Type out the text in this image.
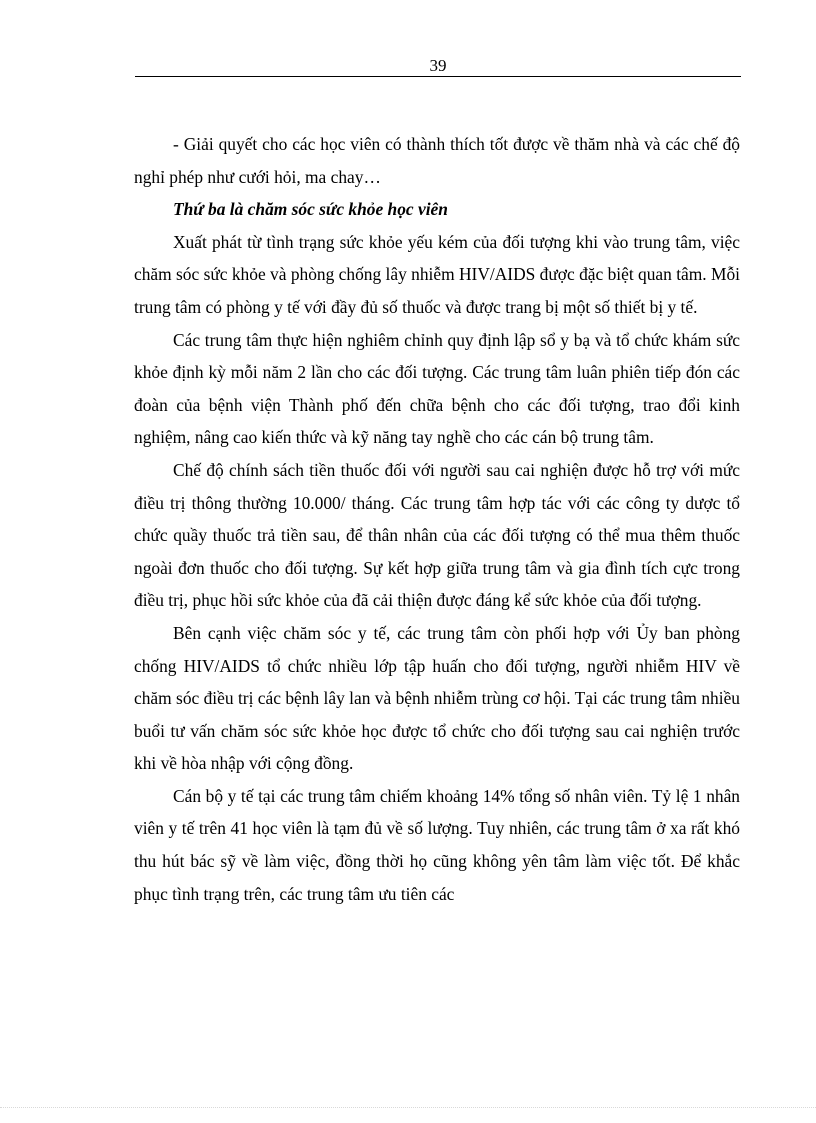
39

- Giải quyết cho các học viên có thành thích tốt được về thăm nhà và các chế độ nghỉ phép như cưới hỏi, ma chay…

Thứ ba là chăm sóc sức khỏe học viên

Xuất phát từ tình trạng sức khỏe yếu kém của đối tượng khi vào trung tâm, việc chăm sóc sức khỏe và phòng chống lây nhiễm HIV/AIDS được đặc biệt quan tâm. Mỗi trung tâm có phòng y tế với đầy đủ số thuốc và được trang bị một số thiết bị y tế.

Các trung tâm thực hiện nghiêm chỉnh quy định lập sổ y bạ và tổ chức khám sức khỏe định kỳ mỗi năm 2 lần cho các đối tượng. Các trung tâm luân phiên tiếp đón các đoàn của bệnh viện Thành phố đến chữa bệnh cho các đối tượng, trao đổi kinh nghiệm, nâng cao kiến thức và kỹ năng tay nghề cho các cán bộ trung tâm.

Chế độ chính sách tiền thuốc đối với người sau cai nghiện được hỗ trợ với mức điều trị thông thường 10.000/ tháng. Các trung tâm hợp tác với các công ty dược tổ chức quầy thuốc trả tiền sau, để thân nhân của các đối tượng có thể mua thêm thuốc ngoài đơn thuốc cho đối tượng. Sự kết hợp giữa trung tâm và gia đình tích cực trong điều trị, phục hồi sức khỏe của đã cải thiện được đáng kể sức khỏe của đối tượng.

Bên cạnh việc chăm sóc y tế, các trung tâm còn phối hợp với Ủy ban phòng chống HIV/AIDS tổ chức nhiều lớp tập huấn cho đối tượng, người nhiễm HIV về chăm sóc điều trị các bệnh lây lan và bệnh nhiễm trùng cơ hội. Tại các trung tâm nhiều buổi tư vấn chăm sóc sức khỏe học được tổ chức cho đối tượng sau cai nghiện trước khi về hòa nhập với cộng đồng.

Cán bộ y tế tại các trung tâm chiếm khoảng 14% tổng số nhân viên. Tỷ lệ 1 nhân viên y tế trên 41 học viên là tạm đủ về số lượng. Tuy nhiên, các trung tâm ở xa rất khó thu hút bác sỹ về làm việc, đồng thời họ cũng không yên tâm làm việc tốt. Để khắc phục tình trạng trên, các trung tâm ưu tiên các
